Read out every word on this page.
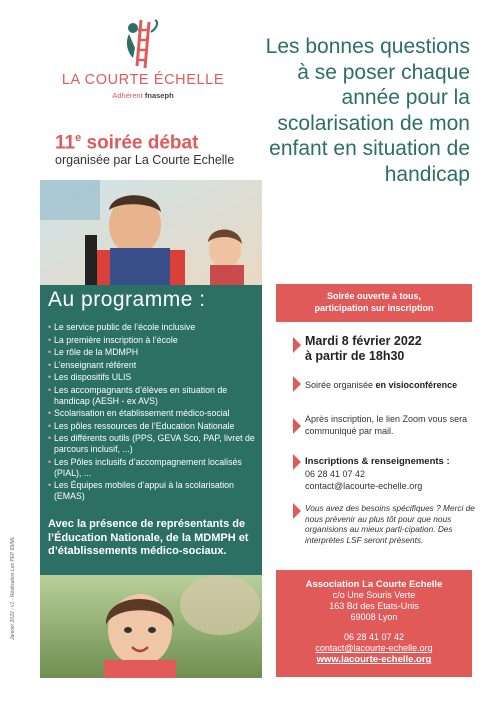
LA COURTE ÉCHELLE
Adhérent fnaseph
Les bonnes questions à se poser chaque année pour la scolarisation de mon enfant en situation de handicap
11e soirée débat
organisée par La Courte Echelle
Au programme :
• Le service public de l’école inclusive
• La première inscription à l’école
• Le rôle de la MDMPH
• L’enseignant référent
• Les dispositifs ULIS
• Les accompagnants d’élèves en situation de handicap (AESH - ex AVS)
• Scolarisation en établissement médico-social
• Les pôles ressources de l’Education Nationale
• Les différents outils (PPS, GEVA Sco, PAP, livret de parcours inclusif, ...)
• Les Pôles inclusifs d’accompagnement localisés (PIAL), ...
• Les Équipes mobiles d’appui à la scolarisation (EMAS)
Avec la présence de représentants de l’Éducation Nationale, de la MDMPH et d’établissements médico-sociaux.
Janvier 2022 - v1 - Réalisation Les PEP 69/ML
Soirée ouverte à tous,
participation sur inscription
Mardi 8 février 2022
à partir de 18h30
Soirée organisée en visioconférence
Après inscription, le lien Zoom vous sera communiqué par mail.
Inscriptions & renseignements :
06 28 41 07 42
contact@lacourte-echelle.org
Vous avez des besoins spécifiques ? Merci de nous prévenir au plus tôt pour que nous organisions au mieux parti-cipation. Des interprètes LSF seront présents.
Association La Courte Echelle
c/o Une Souris Verte
163 Bd des Etats-Unis
69008 Lyon
06 28 41 07 42
contact@lacourte-echelle.org
www.lacourte-echelle.org
